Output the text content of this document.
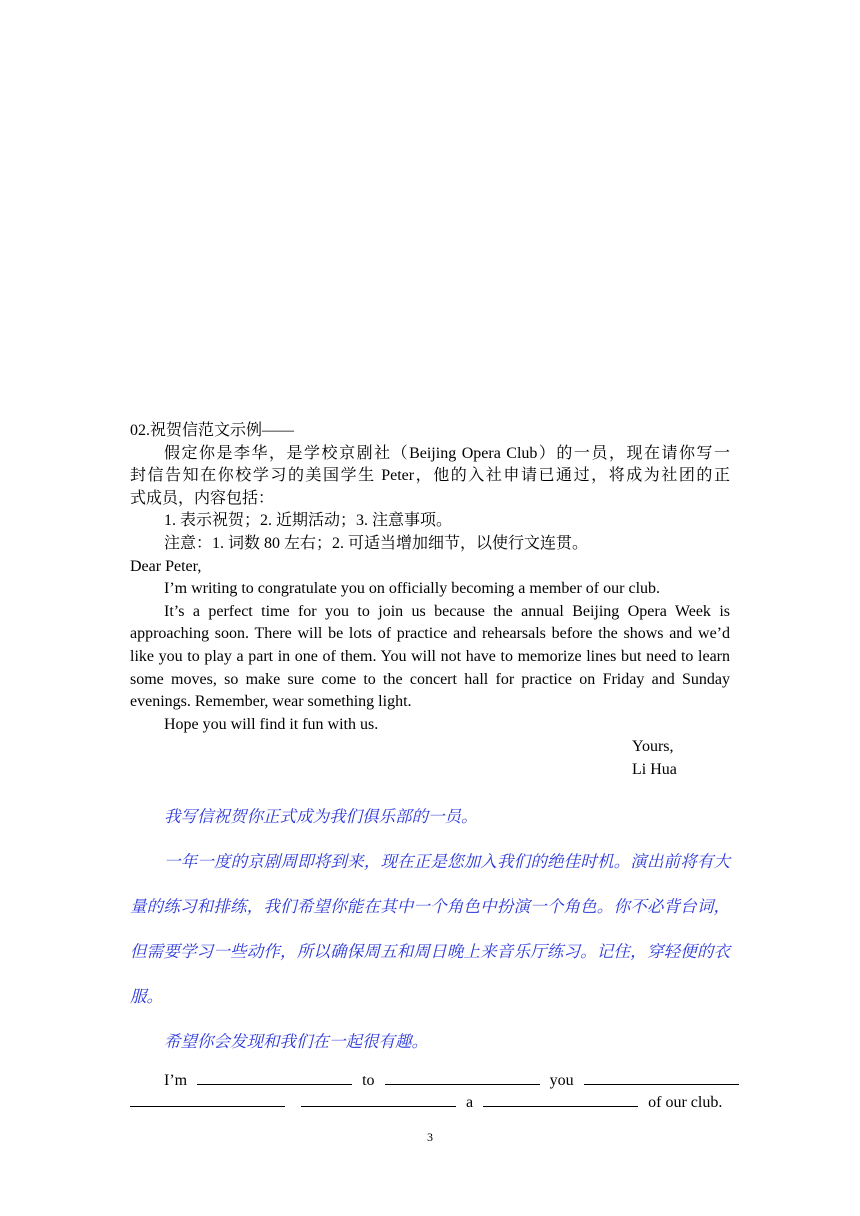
02.祝贺信范文示例——
假定你是李华，是学校京剧社（Beijing Opera Club）的一员，现在请你写一
封信告知在你校学习的美国学生 Peter，他的入社申请已通过，将成为社团的正
式成员，内容包括：
1. 表示祝贺；2. 近期活动；3. 注意事项。
注意：1. 词数 80 左右；2. 可适当增加细节，以使行文连贯。
Dear Peter,
I’m writing to congratulate you on officially becoming a member of our club.
It’s a perfect time for you to join us because the annual Beijing Opera Week is approaching soon. There will be lots of practice and rehearsals before the shows and we’d like you to play a part in one of them. You will not have to memorize lines but need to learn some moves, so make sure come to the concert hall for practice on Friday and Sunday evenings. Remember, wear something light.
Hope you will find it fun with us.
Yours,
Li Hua
我写信祝贺你正式成为我们俱乐部的一员。
一年一度的京剧周即将到来，现在正是您加入我们的绝佳时机。演出前将有大量的练习和排练，我们希望你能在其中一个角色中扮演一个角色。你不必背台词，但需要学习一些动作，所以确保周五和周日晚上来音乐厅练习。记住，穿轻便的衣服。
希望你会发现和我们在一起很有趣。
I’m	to	you
a	of our club.
3
